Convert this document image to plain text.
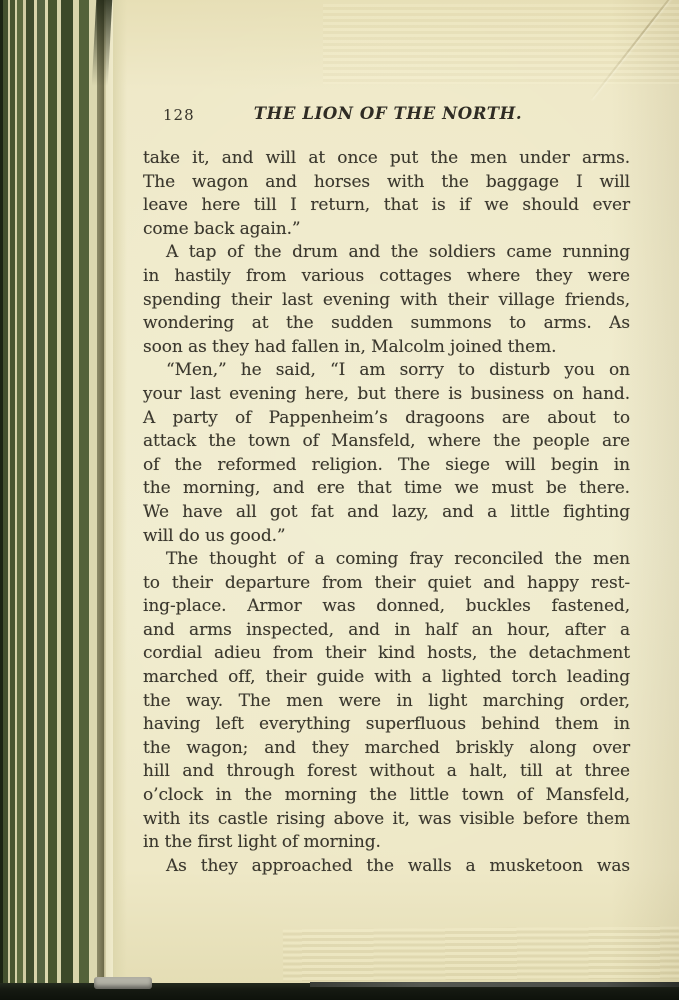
128	THE LION OF THE NORTH.
take it, and will at once put the men under arms.
The wagon and horses with the baggage I will
leave here till I return, that is if we should ever
come back again.”
A tap of the drum and the soldiers came running
in hastily from various cottages where they were
spending their last evening with their village friends,
wondering at the sudden summons to arms. As
soon as they had fallen in, Malcolm joined them.
“Men,” he said, “I am sorry to disturb you on
your last evening here, but there is business on hand.
A party of Pappenheim’s dragoons are about to
attack the town of Mansfeld, where the people are
of the reformed religion. The siege will begin in
the morning, and ere that time we must be there.
We have all got fat and lazy, and a little fighting
will do us good.”
The thought of a coming fray reconciled the men
to their departure from their quiet and happy rest-
ing-place. Armor was donned, buckles fastened,
and arms inspected, and in half an hour, after a
cordial adieu from their kind hosts, the detachment
marched off, their guide with a lighted torch leading
the way. The men were in light marching order,
having left everything superfluous behind them in
the wagon; and they marched briskly along over
hill and through forest without a halt, till at three
o’clock in the morning the little town of Mansfeld,
with its castle rising above it, was visible before them
in the first light of morning.
As they approached the walls a musketoon was
